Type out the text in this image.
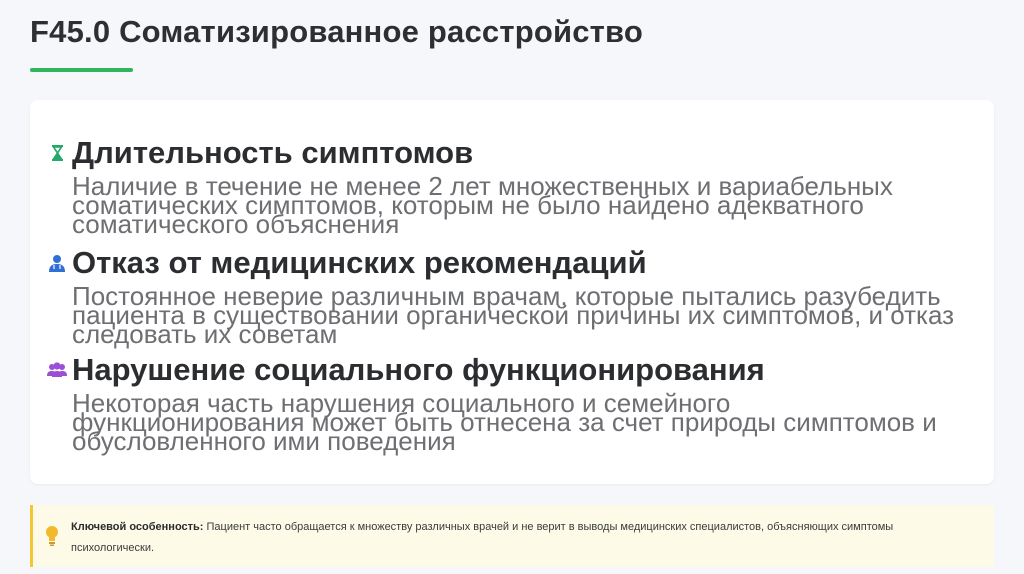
F45.0 Соматизированное расстройство
Длительность симптомов

Наличие в течение не менее 2 лет множественных и вариабельных соматических симптомов, которым не было найдено адекватного соматического объяснения

Отказ от медицинских рекомендаций

Постоянное неверие различным врачам, которые пытались разубедить пациента в существовании органической причины их симптомов, и отказ следовать их советам

Нарушение социального функционирования

Некоторая часть нарушения социального и семейного функционирования может быть отнесена за счет природы симптомов и обусловленного ими поведения

Ключевой особенность: Пациент часто обращается к множеству различных врачей и не верит в выводы медицинских специалистов, объясняющих симптомы психологически.
